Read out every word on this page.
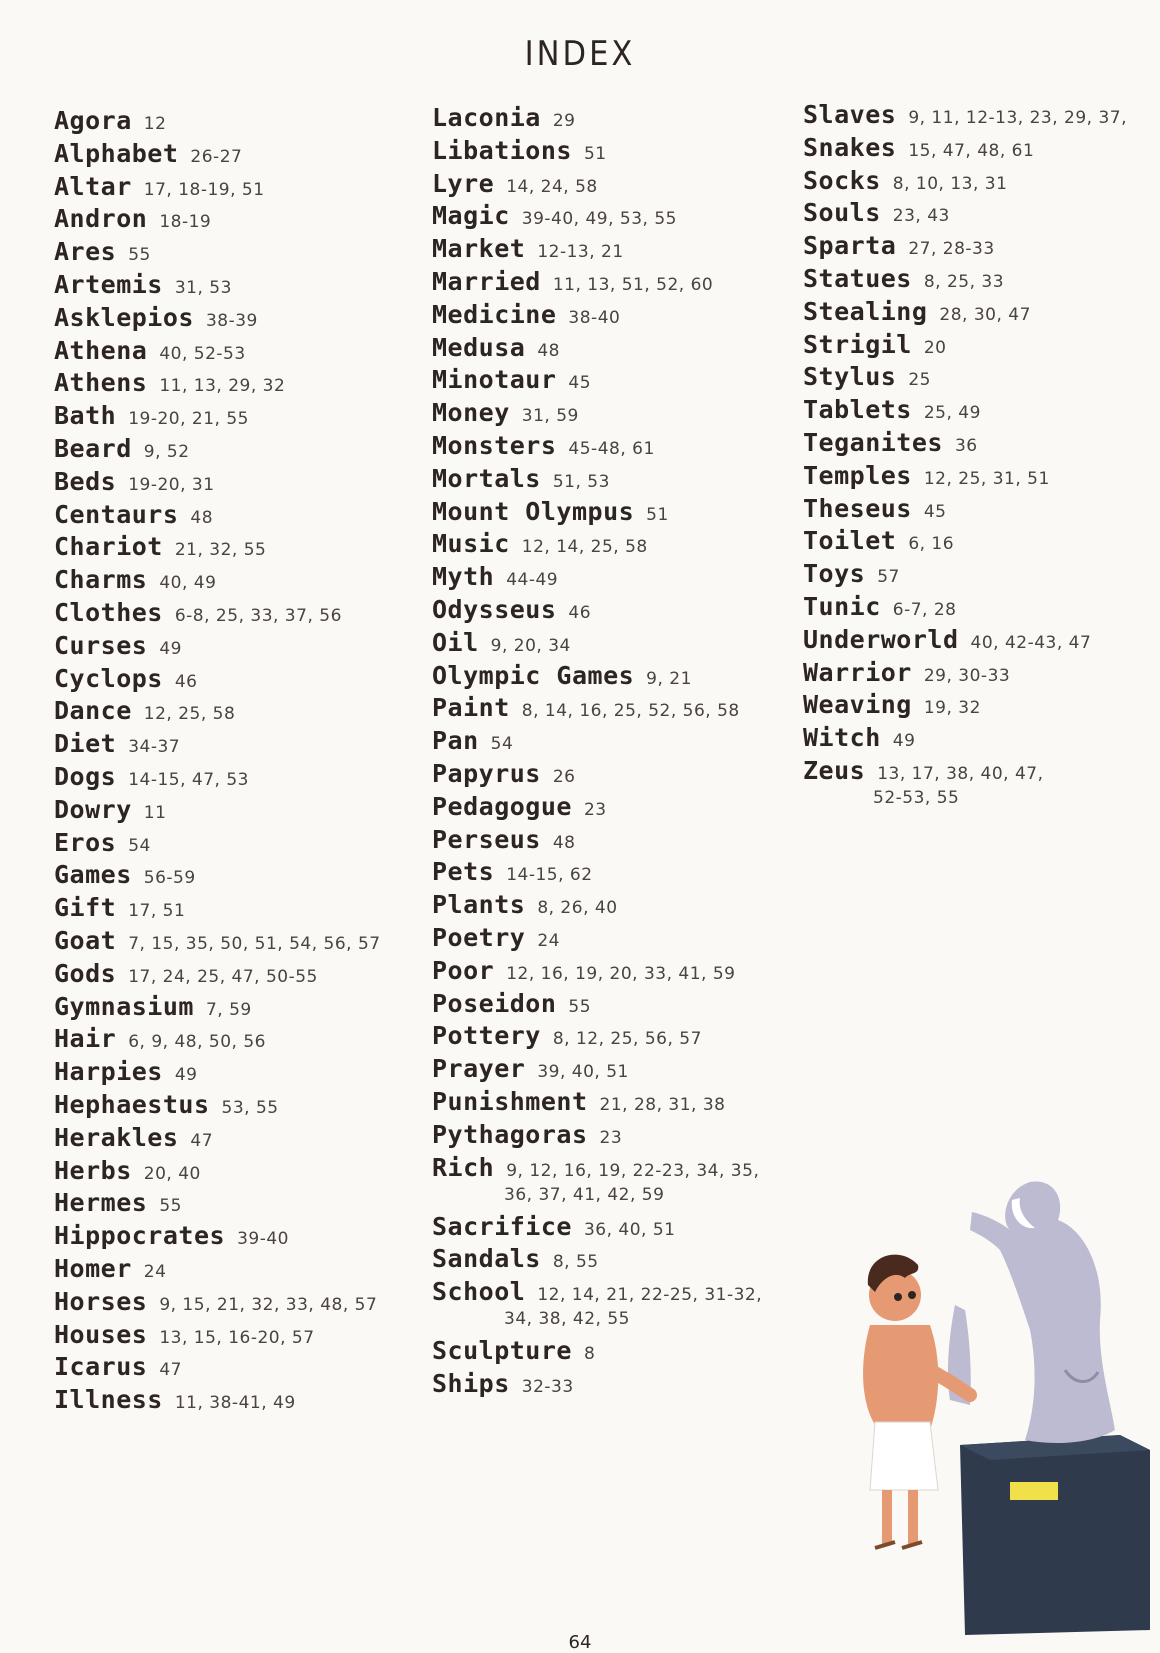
INDEX
Agora 12
Alphabet 26-27
Altar 17, 18-19, 51
Andron 18-19
Ares 55
Artemis 31, 53
Asklepios 38-39
Athena 40, 52-53
Athens 11, 13, 29, 32
Bath 19-20, 21, 55
Beard 9, 52
Beds 19-20, 31
Centaurs 48
Chariot 21, 32, 55
Charms 40, 49
Clothes 6-8, 25, 33, 37, 56
Curses 49
Cyclops 46
Dance 12, 25, 58
Diet 34-37
Dogs 14-15, 47, 53
Dowry 11
Eros 54
Games 56-59
Gift 17, 51
Goat 7, 15, 35, 50, 51, 54, 56, 57
Gods 17, 24, 25, 47, 50-55
Gymnasium 7, 59
Hair 6, 9, 48, 50, 56
Harpies 49
Hephaestus 53, 55
Herakles 47
Herbs 20, 40
Hermes 55
Hippocrates 39-40
Homer 24
Horses 9, 15, 21, 32, 33, 48, 57
Houses 13, 15, 16-20, 57
Icarus 47
Illness 11, 38-41, 49
Laconia 29
Libations 51
Lyre 14, 24, 58
Magic 39-40, 49, 53, 55
Market 12-13, 21
Married 11, 13, 51, 52, 60
Medicine 38-40
Medusa 48
Minotaur 45
Money 31, 59
Monsters 45-48, 61
Mortals 51, 53
Mount Olympus 51
Music 12, 14, 25, 58
Myth 44-49
Odysseus 46
Oil 9, 20, 34
Olympic Games 9, 21
Paint 8, 14, 16, 25, 52, 56, 58
Pan 54
Papyrus 26
Pedagogue 23
Perseus 48
Pets 14-15, 62
Plants 8, 26, 40
Poetry 24
Poor 12, 16, 19, 20, 33, 41, 59
Poseidon 55
Pottery 8, 12, 25, 56, 57
Prayer 39, 40, 51
Punishment 21, 28, 31, 38
Pythagoras 23
Rich 9, 12, 16, 19, 22-23, 34, 35,
36, 37, 41, 42, 59
Sacrifice 36, 40, 51
Sandals 8, 55
School 12, 14, 21, 22-25, 31-32,
34, 38, 42, 55
Sculpture 8
Ships 32-33
Slaves 9, 11, 12-13, 23, 29, 37,
Snakes 15, 47, 48, 61
Socks 8, 10, 13, 31
Souls 23, 43
Sparta 27, 28-33
Statues 8, 25, 33
Stealing 28, 30, 47
Strigil 20
Stylus 25
Tablets 25, 49
Teganites 36
Temples 12, 25, 31, 51
Theseus 45
Toilet 6, 16
Toys 57
Tunic 6-7, 28
Underworld 40, 42-43, 47
Warrior 29, 30-33
Weaving 19, 32
Witch 49
Zeus 13, 17, 38, 40, 47,
52-53, 55
64
